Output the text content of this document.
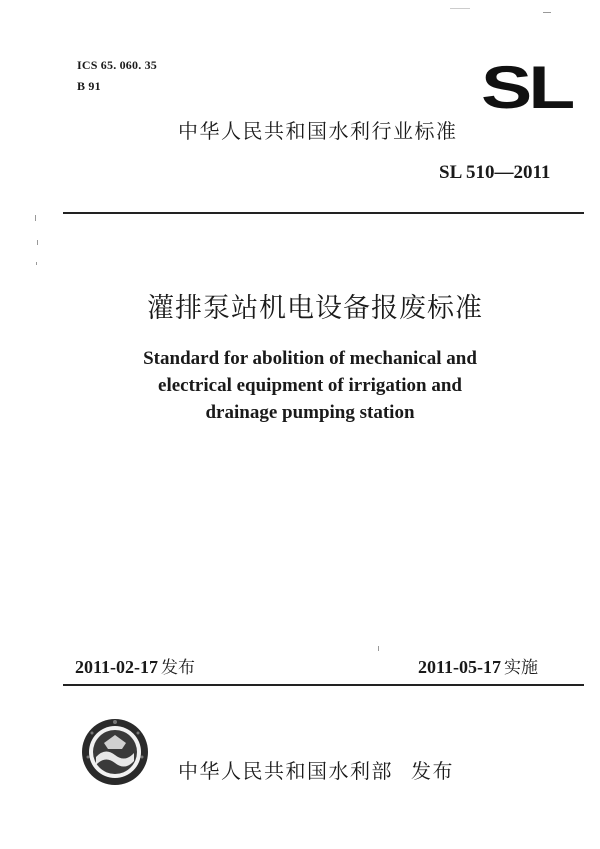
ICS 65. 060. 35
B 91	SL
中华人民共和国水利行业标准
SL 510—2011
灌排泵站机电设备报废标准
Standard for abolition of mechanical and
electrical equipment of irrigation and
drainage pumping station
2011-02-17 发布	2011-05-17 实施
中华人民共和国水利部 发布
